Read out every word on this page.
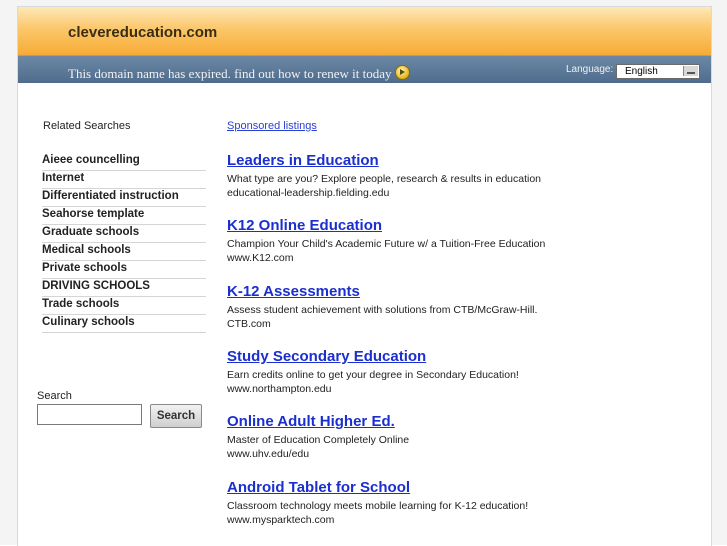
clevereducation.com
This domain name has expired. find out how to renew it today	Language: English
Related Searches
Aieee councelling
Internet
Differentiated instruction
Seahorse template
Graduate schools
Medical schools
Private schools
DRIVING SCHOOLS
Trade schools
Culinary schools
Search
Search
Sponsored listings
Leaders in Education
What type are you? Explore people, research & results in education
educational-leadership.fielding.edu
K12 Online Education
Champion Your Child's Academic Future w/ a Tuition-Free Education
www.K12.com
K-12 Assessments
Assess student achievement with solutions from CTB/McGraw-Hill.
CTB.com
Study Secondary Education
Earn credits online to get your degree in Secondary Education!
www.northampton.edu
Online Adult Higher Ed.
Master of Education Completely Online
www.uhv.edu/edu
Android Tablet for School
Classroom technology meets mobile learning for K-12 education!
www.mysparktech.com
